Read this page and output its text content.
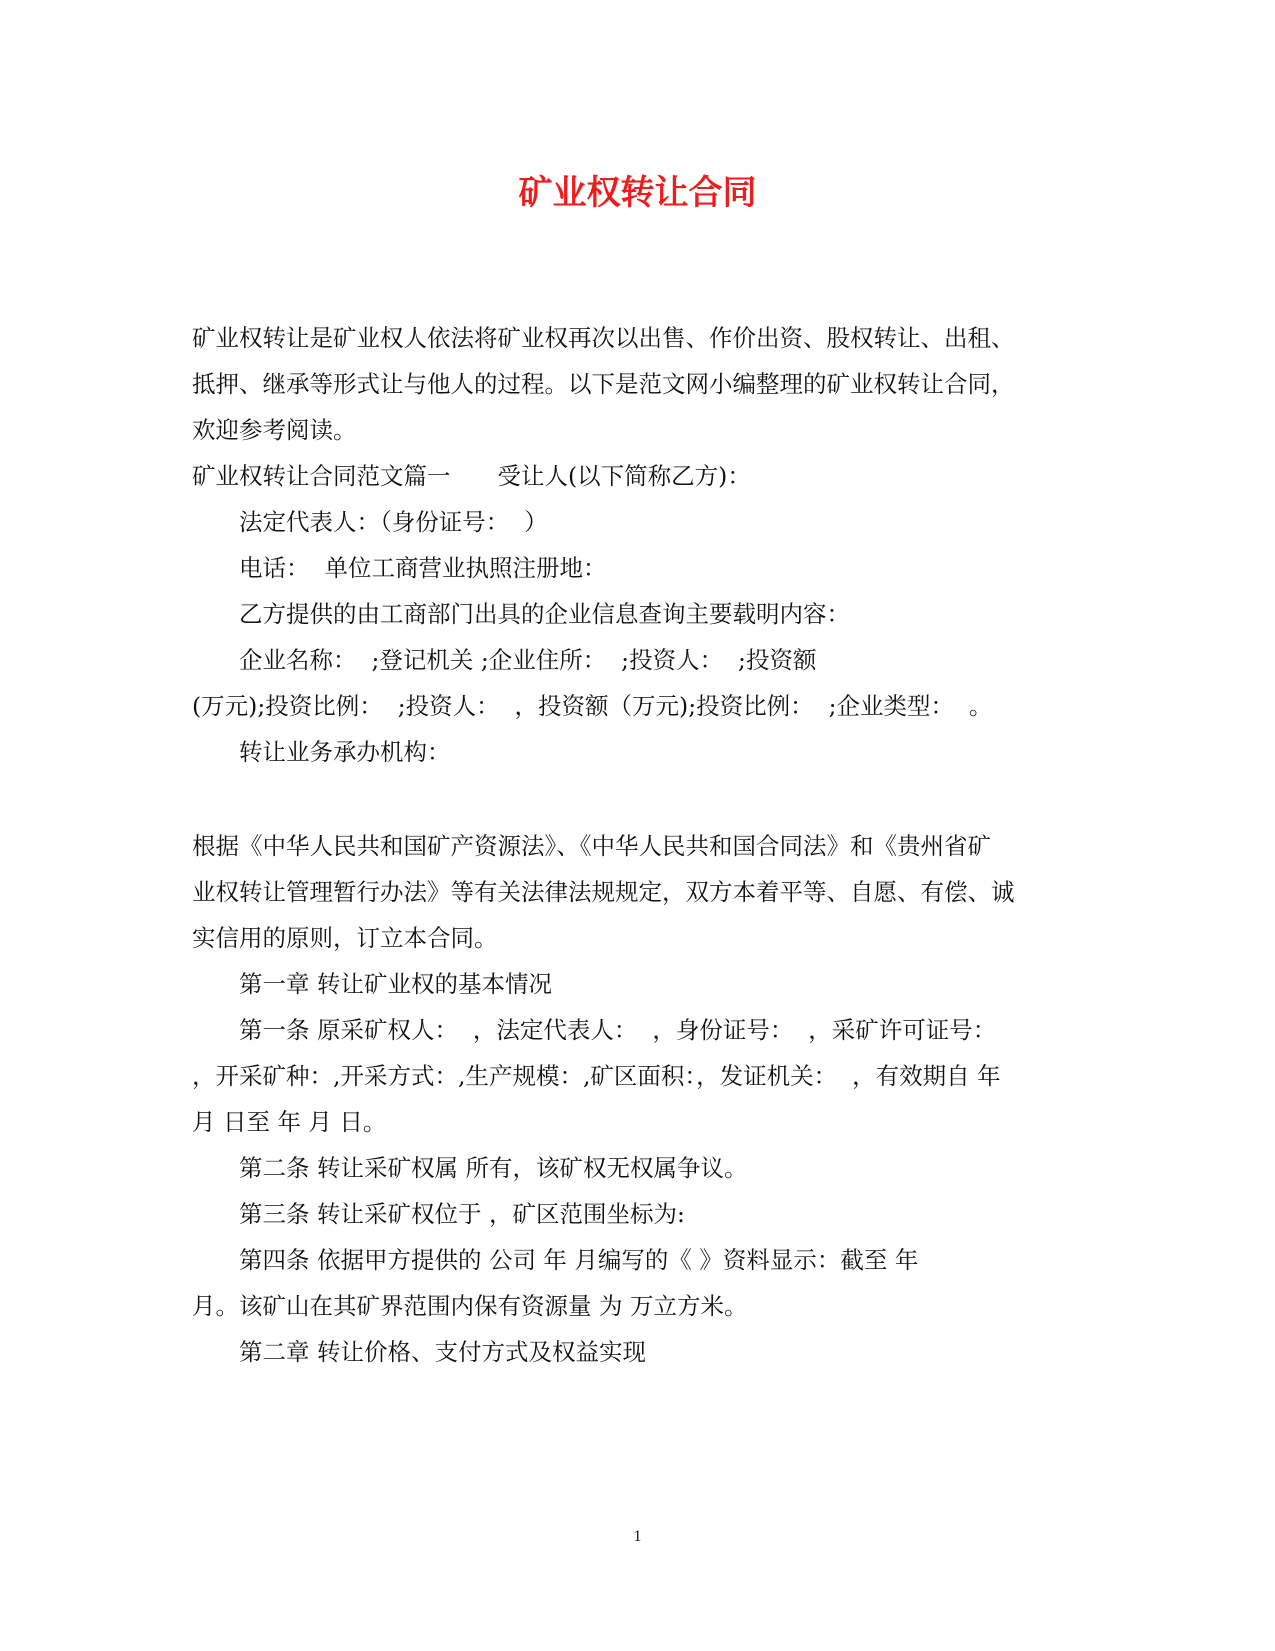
矿业权转让合同

矿业权转让是矿业权人依法将矿业权再次以出售、作价出资、股权转让、出租、

抵押、继承等形式让与他人的过程。以下是范文网小编整理的矿业权转让合同，

欢迎参考阅读。

矿业权转让合同范文篇一　　受让人(以下简称乙方)：

法定代表人：（身份证号：  ）

电话：  单位工商营业执照注册地：

乙方提供的由工商部门出具的企业信息查询主要载明内容：

企业名称：  ;登记机关 ;企业住所：  ;投资人：  ;投资额

(万元);投资比例：  ;投资人：  ，投资额（万元);投资比例：  ;企业类型：  。

转让业务承办机构：

根据《中华人民共和国矿产资源法》、《中华人民共和国合同法》和《贵州省矿

业权转让管理暂行办法》等有关法律法规规定，双方本着平等、自愿、有偿、诚

实信用的原则，订立本合同。

第一章 转让矿业权的基本情况

第一条 原采矿权人：  ，法定代表人：  ，身份证号：  ，采矿许可证号：

，开采矿种：,开采方式：,生产规模：,矿区面积：，发证机关：  ，有效期自 年

月 日至 年 月 日。

第二条 转让采矿权属 所有，该矿权无权属争议。

第三条 转让采矿权位于 ，矿区范围坐标为:

第四条 依据甲方提供的 公司 年 月编写的《 》资料显示：截至 年

月。该矿山在其矿界范围内保有资源量 为 万立方米。

第二章 转让价格、支付方式及权益实现

1
